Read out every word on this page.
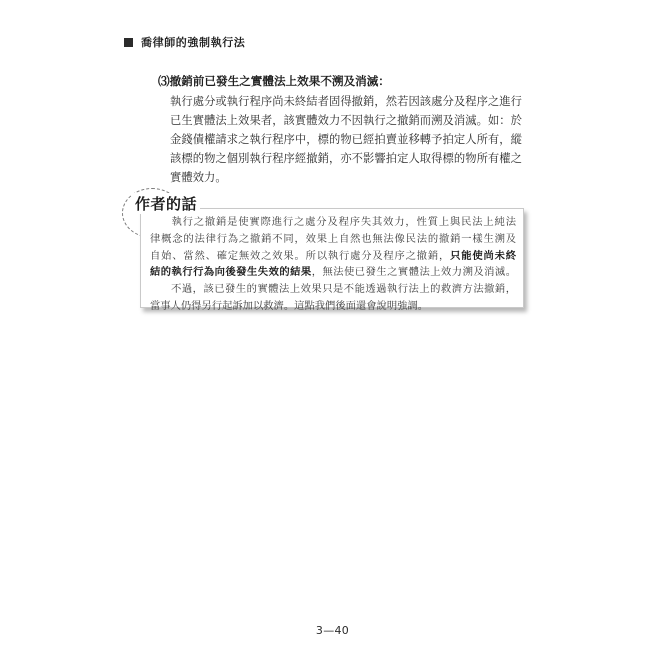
喬律師的強制執行法
⑶撤銷前已發生之實體法上效果不溯及消滅：
執行處分或執行程序尚未終結者固得撤銷，然若因該處分及程序之進行
已生實體法上效果者，該實體效力不因執行之撤銷而溯及消滅。如：於
金錢債權請求之執行程序中，標的物已經拍賣並移轉予拍定人所有，縱
該標的物之個別執行程序經撤銷，亦不影響拍定人取得標的物所有權之
實體效力。
作者的話
  執行之撤銷是使實際進行之處分及程序失其效力，性質上與民法上純法
律概念的法律行為之撤銷不同，效果上自然也無法像民法的撤銷一樣生溯及
自始、當然、確定無效之效果。所以執行處分及程序之撤銷，只能使尚未終
結的執行行為向後發生失效的結果，無法使已發生之實體法上效力溯及消滅。
  不過，該已發生的實體法上效果只是不能透過執行法上的救濟方法撤銷，
當事人仍得另行起訴加以救濟。這點我們後面還會說明強調。
3—40
